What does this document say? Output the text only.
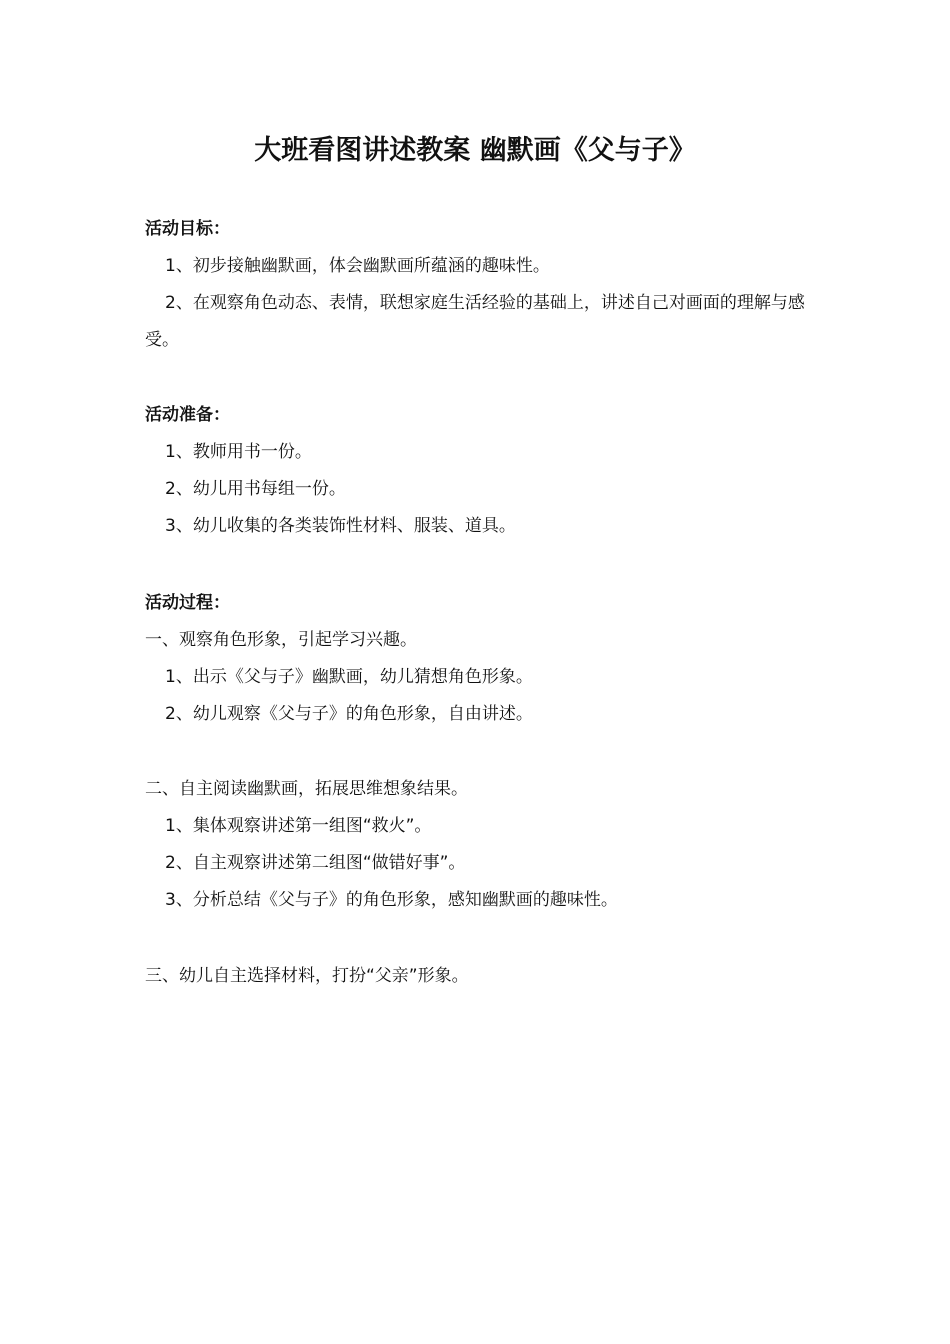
大班看图讲述教案 幽默画《父与子》
活动目标：
1、初步接触幽默画，体会幽默画所蕴涵的趣味性。
2、在观察角色动态、表情，联想家庭生活经验的基础上，讲述自己对画面的理解与感受。
活动准备：
1、教师用书一份。
2、幼儿用书每组一份。
3、幼儿收集的各类装饰性材料、服装、道具。
活动过程：
一、观察角色形象，引起学习兴趣。
1、出示《父与子》幽默画，幼儿猜想角色形象。
2、幼儿观察《父与子》的角色形象，自由讲述。
二、自主阅读幽默画，拓展思维想象结果。
1、集体观察讲述第一组图“救火”。
2、自主观察讲述第二组图“做错好事”。
3、分析总结《父与子》的角色形象，感知幽默画的趣味性。
三、幼儿自主选择材料，打扮“父亲”形象。
